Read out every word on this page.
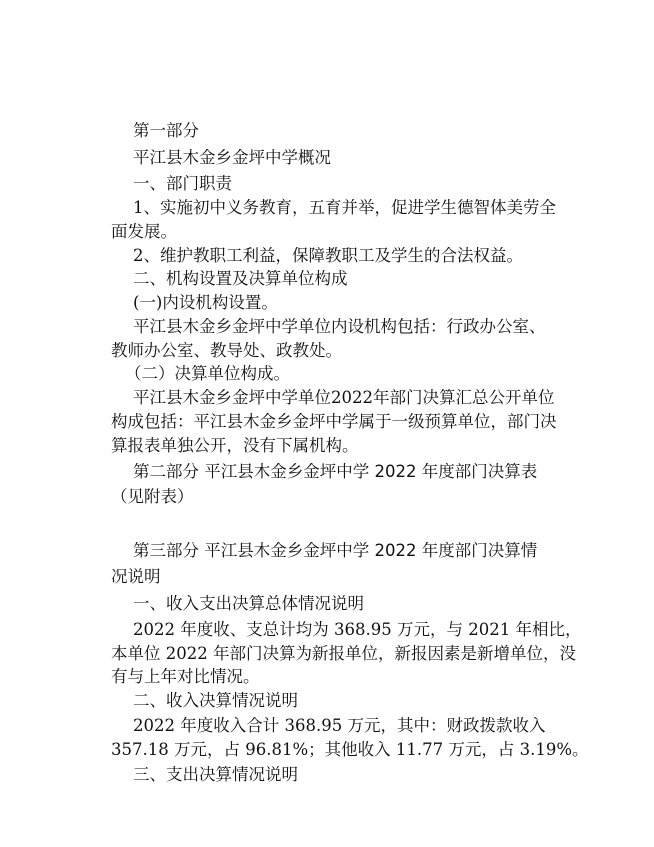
第一部分
平江县木金乡金坪中学概况
一、部门职责
1、实施初中义务教育，五育并举，促进学生德智体美劳全
面发展。
2、维护教职工利益，保障教职工及学生的合法权益。
二、机构设置及决算单位构成
(一)内设机构设置。
平江县木金乡金坪中学单位内设机构包括：行政办公室、
教师办公室、教导处、政教处。
（二）决算单位构成。
平江县木金乡金坪中学单位2022年部门决算汇总公开单位
构成包括：平江县木金乡金坪中学属于一级预算单位，部门决
算报表单独公开，没有下属机构。
第二部分 平江县木金乡金坪中学 2022 年度部门决算表
（见附表）
第三部分 平江县木金乡金坪中学 2022 年度部门决算情
况说明
一、收入支出决算总体情况说明
2022 年度收、支总计均为 368.95 万元，与 2021 年相比，
本单位 2022 年部门决算为新报单位，新报因素是新增单位，没
有与上年对比情况。
二、收入决算情况说明
2022 年度收入合计 368.95 万元，其中：财政拨款收入
357.18 万元，占 96.81%；其他收入 11.77 万元，占 3.19%。
三、支出决算情况说明
